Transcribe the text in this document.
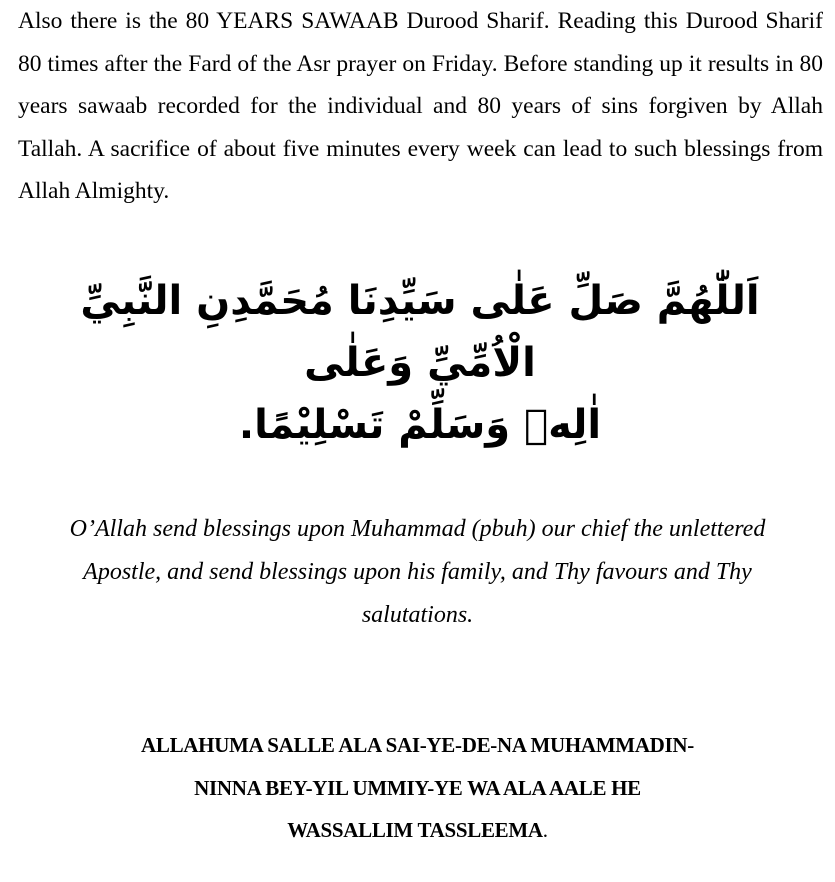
Also there is the 80 YEARS SAWAAB Durood Sharif. Reading this Durood Sharif 80 times after the Fard of the Asr prayer on Friday. Before standing up it results in 80 years sawaab recorded for the individual and 80 years of sins forgiven by Allah Tallah. A sacrifice of about five minutes every week can lead to such blessings from Allah Almighty.

اَللّٰهُمَّ صَلِّ عَلٰى سَيِّدِنَا مُحَمَّدِنِ النَّبِيِّ الْاُمِّيِّ وَعَلٰى
اٰلِهٖ وَسَلِّمْ تَسْلِيْمًا.

O’Allah send blessings upon Muhammad (pbuh) our chief the unlettered Apostle, and send blessings upon his family, and Thy favours and Thy salutations.

ALLAHUMA SALLE ALA SAI-YE-DE-NA MUHAMMADIN-
NINNA BEY-YIL UMMIY-YE WA ALA AALE HE
WASSALLIM TASSLEEMA.
